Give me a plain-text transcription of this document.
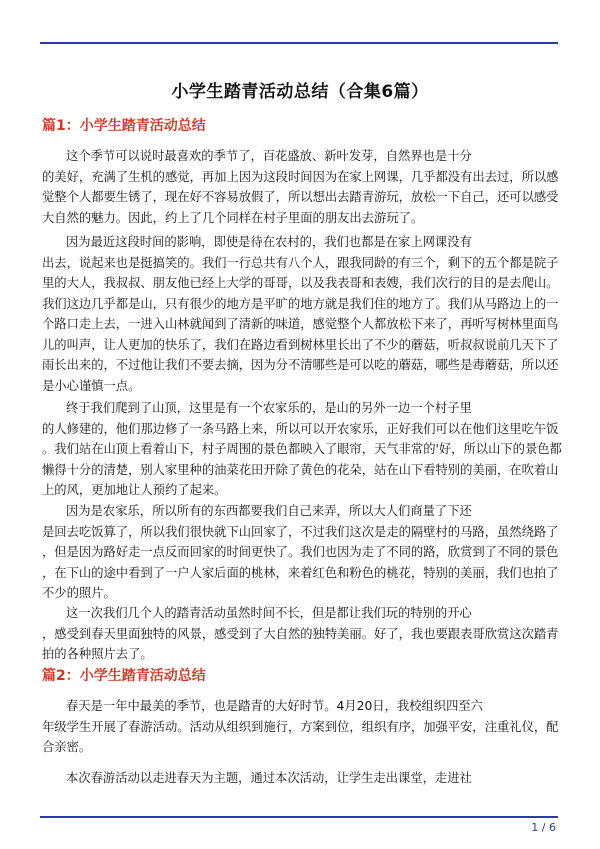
小学生踏青活动总结（合集6篇）
篇1：小学生踏青活动总结
这个季节可以说时最喜欢的季节了，百花盛放、新叶发芽，自然界也是十分
的美好，充满了生机的感觉，再加上因为这段时间因为在家上网课，几乎都没有出去过，所以感
觉整个人都要生锈了，现在好不容易放假了，所以想出去踏青游玩，放松一下自己，还可以感受
大自然的魅力。因此，约上了几个同样在村子里面的朋友出去游玩了。
因为最近这段时间的影响，即使是待在农村的，我们也都是在家上网课没有
出去，说起来也是挺搞笑的。我们一行总共有八个人，跟我同龄的有三个，剩下的五个都是院子
里的大人，我叔叔、朋友他已经上大学的哥哥，以及我表哥和表嫂，我们次行的目的是去爬山。
我们这边几乎都是山，只有很少的地方是平旷的地方就是我们住的地方了。我们从马路边上的一
个路口走上去，一进入山林就闻到了清新的味道，感觉整个人都放松下来了，再听写树林里面鸟
儿的叫声，让人更加的快乐了，我们在路边看到树林里长出了不少的蘑菇，听叔叔说前几天下了
雨长出来的，不过他让我们不要去摘，因为分不清哪些是可以吃的蘑菇，哪些是毒蘑菇，所以还
是小心谨慎一点。
终于我们爬到了山顶，这里是有一个农家乐的，是山的另外一边一个村子里
的人修建的，他们那边修了一条马路上来，所以可以开农家乐，正好我们可以在他们这里吃午饭
。我们站在山顶上看着山下，村子周围的景色都映入了眼帘，天气非常的'好，所以山下的景色都
懒得十分的清楚，别人家里种的油菜花田开除了黄色的花朵，站在山下看特别的美丽，在吹着山
上的风，更加地让人预约了起来。
因为是农家乐，所以所有的东西都要我们自己来弄，所以大人们商量了下还
是回去吃饭算了，所以我们很快就下山回家了，不过我们这次是走的隔壁村的马路，虽然绕路了
，但是因为路好走一点反而回家的时间更快了。我们也因为走了不同的路，欣赏到了不同的景色
，在下山的途中看到了一户人家后面的桃林，来着红色和粉色的桃花，特别的美丽，我们也拍了
不少的照片。
这一次我们几个人的踏青活动虽然时间不长，但是都让我们玩的特别的开心
，感受到春天里面独特的风景，感受到了大自然的独特美丽。好了，我也要跟表哥欣赏这次踏青
拍的各种照片去了。
篇2：小学生踏青活动总结
春天是一年中最美的季节，也是踏青的大好时节。4月20日，我校组织四至六
年级学生开展了春游活动。活动从组织到施行，方案到位，组织有序，加强平安，注重礼仪，配
合亲密。
本次春游活动以走进春天为主题，通过本次活动，让学生走出课堂，走进社
1 / 6
